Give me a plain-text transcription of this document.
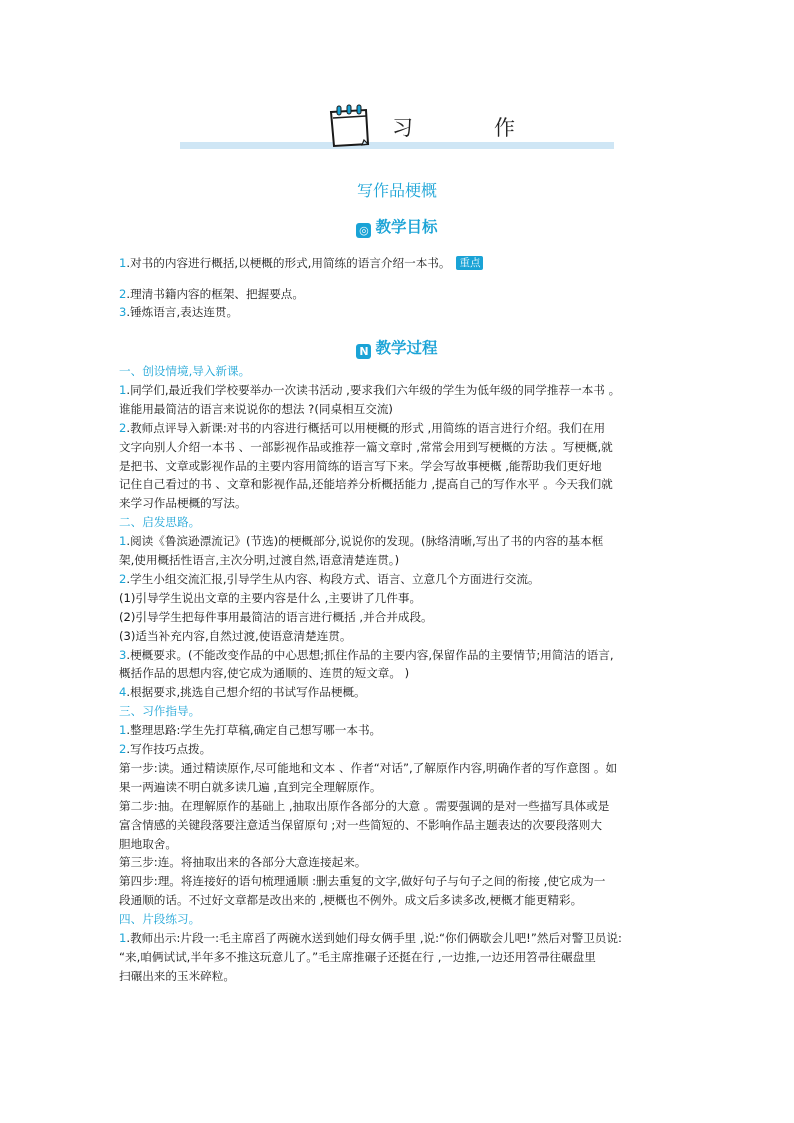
习　作
写作品梗概
◎ 教学目标
1.对书的内容进行概括,以梗概的形式,用简练的语言介绍一本书。 重点
2.理清书籍内容的框架、把握要点。
3.锤炼语言,表达连贯。
N 教学过程
一、创设情境,导入新课。
1.同学们,最近我们学校要举办一次读书活动 ,要求我们六年级的学生为低年级的同学推荐一本书 。
谁能用最简洁的语言来说说你的想法 ?(同桌相互交流)
2.教师点评导入新课:对书的内容进行概括可以用梗概的形式 ,用简练的语言进行介绍。我们在用
文字向别人介绍一本书 、一部影视作品或推荐一篇文章时 ,常常会用到写梗概的方法 。写梗概,就
是把书、文章或影视作品的主要内容用简练的语言写下来。学会写故事梗概 ,能帮助我们更好地
记住自己看过的书 、文章和影视作品,还能培养分析概括能力 ,提高自己的写作水平 。今天我们就
来学习作品梗概的写法。
二、启发思路。
1.阅读《鲁滨逊漂流记》(节选)的梗概部分,说说你的发现。(脉络清晰,写出了书的内容的基本框
架,使用概括性语言,主次分明,过渡自然,语意清楚连贯。)
2.学生小组交流汇报,引导学生从内容、构段方式、语言、立意几个方面进行交流。
(1)引导学生说出文章的主要内容是什么 ,主要讲了几件事。
(2)引导学生把每件事用最简洁的语言进行概括 ,并合并成段。
(3)适当补充内容,自然过渡,使语意清楚连贯。
3.梗概要求。(不能改变作品的中心思想;抓住作品的主要内容,保留作品的主要情节;用简洁的语言,
概括作品的思想内容,使它成为通顺的、连贯的短文章。 )
4.根据要求,挑选自己想介绍的书试写作品梗概。
三、习作指导。
1.整理思路:学生先打草稿,确定自己想写哪一本书。
2.写作技巧点拨。
第一步:读。通过精读原作,尽可能地和文本 、作者“对话”,了解原作内容,明确作者的写作意图 。如
果一两遍读不明白就多读几遍 ,直到完全理解原作。
第二步:抽。在理解原作的基础上 ,抽取出原作各部分的大意 。需要强调的是对一些描写具体或是
富含情感的关键段落要注意适当保留原句 ;对一些简短的、不影响作品主题表达的次要段落则大
胆地取舍。
第三步:连。将抽取出来的各部分大意连接起来。
第四步:理。将连接好的语句梳理通顺 :删去重复的文字,做好句子与句子之间的衔接 ,使它成为一
段通顺的话。不过好文章都是改出来的 ,梗概也不例外。成文后多读多改,梗概才能更精彩。
四、片段练习。
1.教师出示:片段一:毛主席舀了两碗水送到她们母女俩手里 ,说:“你们俩歇会儿吧!”然后对警卫员说:
“来,咱俩试试,半年多不推这玩意儿了。”毛主席推碾子还挺在行 ,一边推,一边还用笤帚往碾盘里
扫碾出来的玉米碎粒。
